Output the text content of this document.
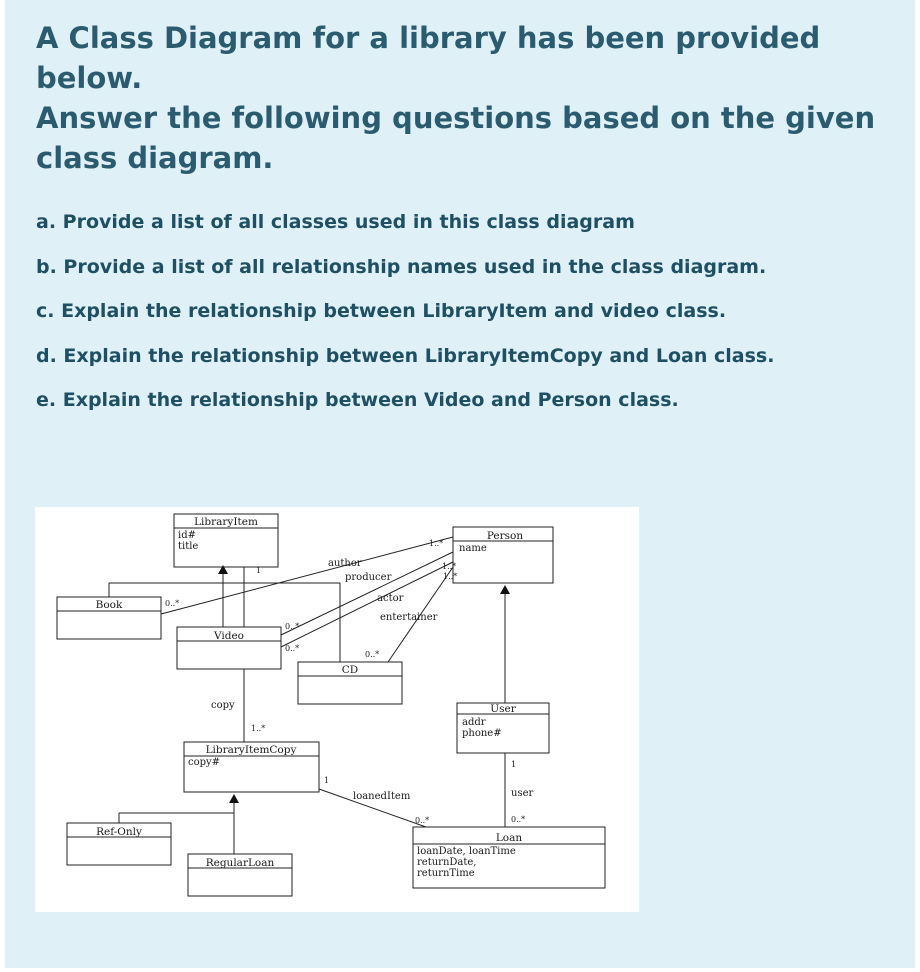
A Class Diagram for a library has been provided below.
Answer the following questions based on the given
class diagram.
a. Provide a list of all classes used in this class diagram
b. Provide a list of all relationship names used in the class diagram.
c. Explain the relationship between LibraryItem and video class.
d. Explain the relationship between LibraryItemCopy and Loan class.
e. Explain the relationship between Video and Person class.
LibraryItem
id#
title
Person
name
Book
Video
CD
User
addr
phone#
LibraryItemCopy
copy#
Ref-Only
RegularLoan
Loan
loanDate, loanTime
returnDate,
returnTime
author
producer
actor
entertainer
copy
loanedItem	user
0..*
1
1..*
1..*
1..*
0..*
0..*
0..*
1..*
1
0..*
1
0..*
